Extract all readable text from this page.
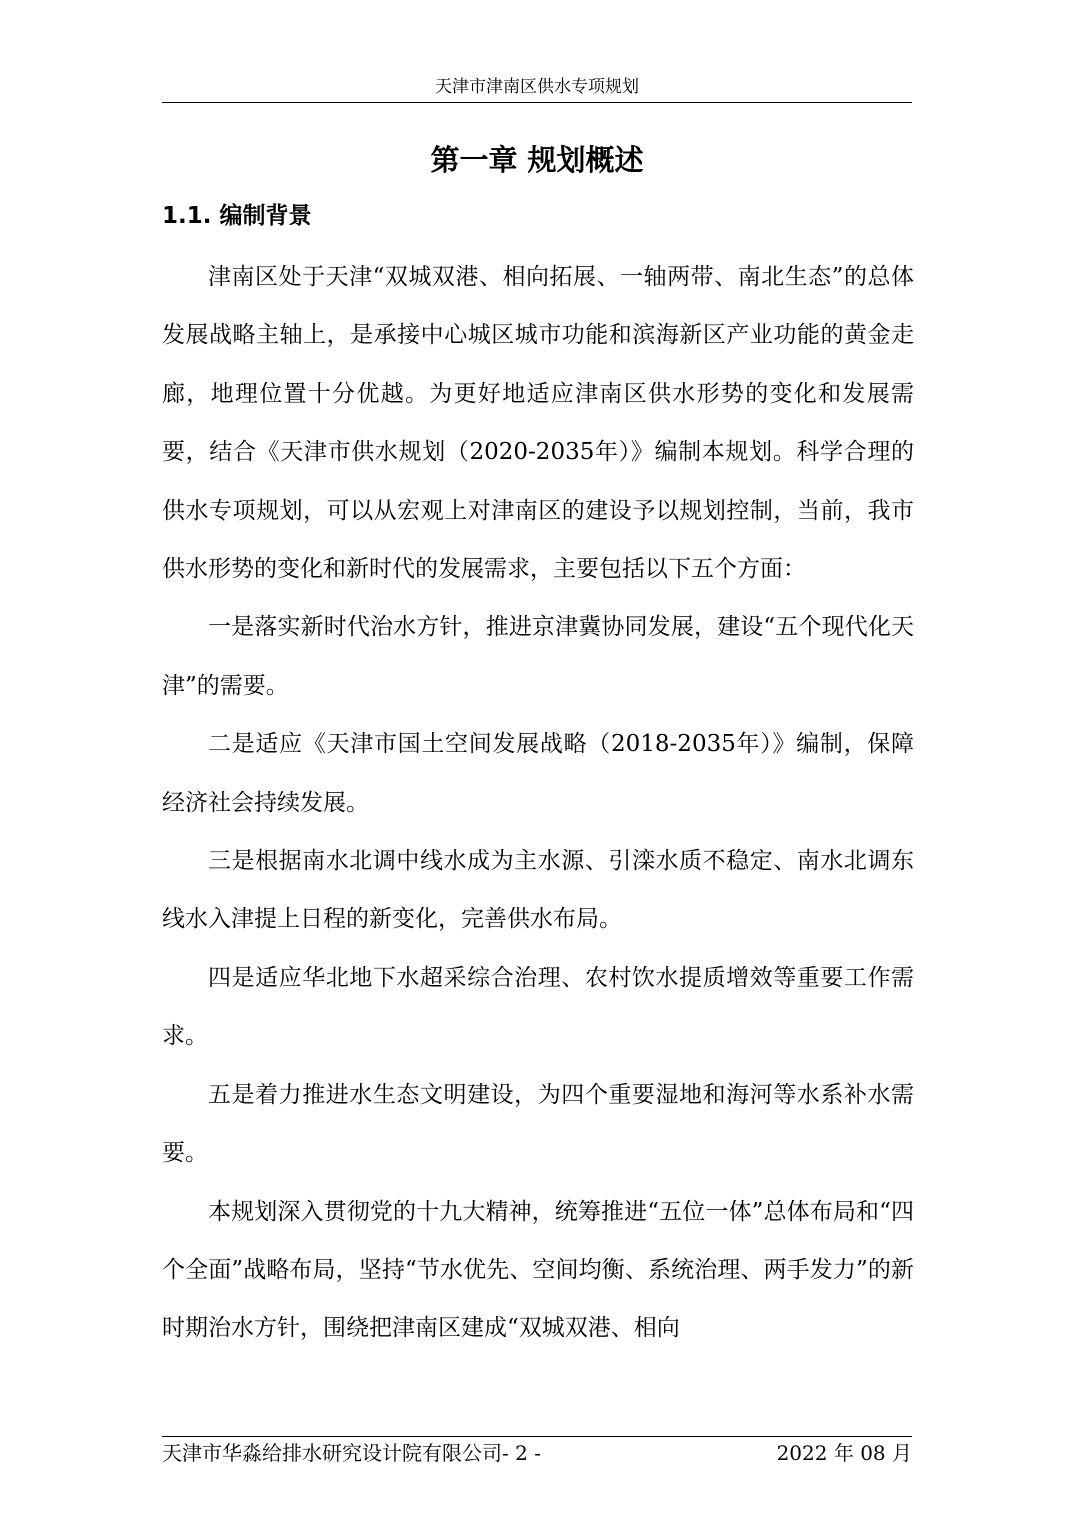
天津市津南区供水专项规划
第一章 规划概述
1.1. 编制背景

津南区处于天津“双城双港、相向拓展、一轴两带、南北生态”的总体发展战略主轴上，是承接中心城区城市功能和滨海新区产业功能的黄金走廊，地理位置十分优越。为更好地适应津南区供水形势的变化和发展需要，结合《天津市供水规划（2020-2035年）》编制本规划。科学合理的供水专项规划，可以从宏观上对津南区的建设予以规划控制，当前，我市供水形势的变化和新时代的发展需求，主要包括以下五个方面：

一是落实新时代治水方针，推进京津冀协同发展，建设“五个现代化天津”的需要。

二是适应《天津市国土空间发展战略（2018-2035年）》编制，保障经济社会持续发展。

三是根据南水北调中线水成为主水源、引滦水质不稳定、南水北调东线水入津提上日程的新变化，完善供水布局。

四是适应华北地下水超采综合治理、农村饮水提质增效等重要工作需求。

五是着力推进水生态文明建设，为四个重要湿地和海河等水系补水需要。

本规划深入贯彻党的十九大精神，统筹推进“五位一体”总体布局和“四个全面”战略布局，坚持“节水优先、空间均衡、系统治理、两手发力”的新时期治水方针，围绕把津南区建成“双城双港、相向

天津市华淼给排水研究设计院有限公司- 2 -	2022 年 08 月
